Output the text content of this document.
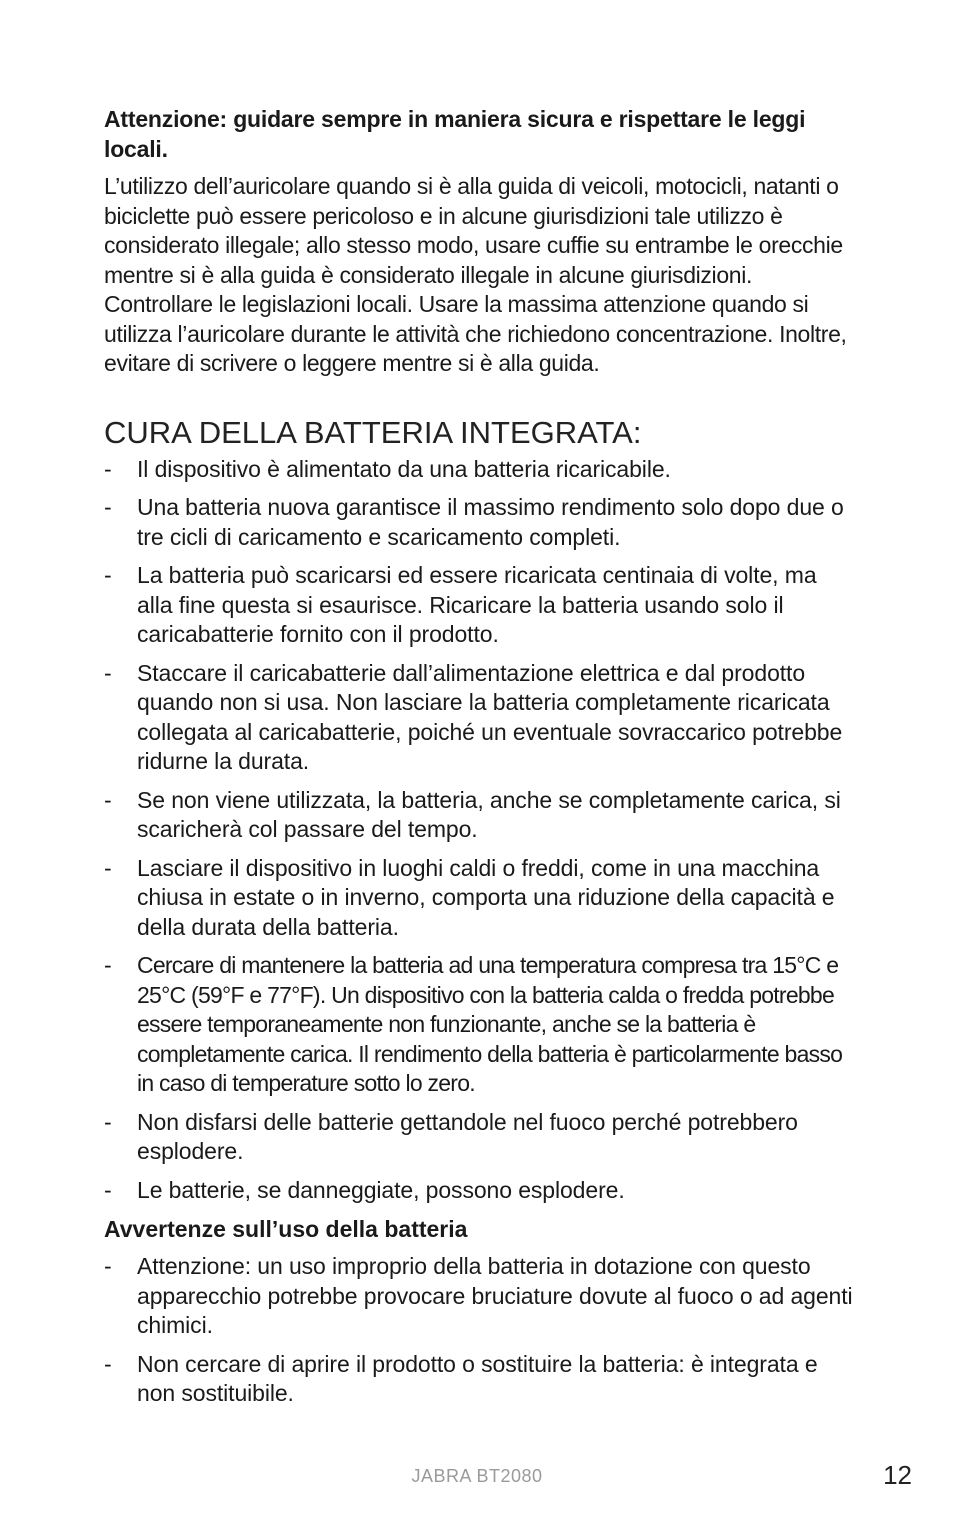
Attenzione: guidare sempre in maniera sicura e rispettare le leggi locali.

L’utilizzo dell’auricolare quando si è alla guida di veicoli, motocicli, natanti o biciclette può essere pericoloso e in alcune giurisdizioni tale utilizzo è considerato illegale; allo stesso modo, usare cuffie su entrambe le orecchie mentre si è alla guida è considerato illegale in alcune giurisdizioni. Controllare le legislazioni locali. Usare la massima attenzione quando si utilizza l’auricolare durante le attività che richiedono concentrazione. Inoltre, evitare di scrivere o leggere mentre si è alla guida.

CURA DELLA BATTERIA INTEGRATA:
- Il dispositivo è alimentato da una batteria ricaricabile.
- Una batteria nuova garantisce il massimo rendimento solo dopo due o tre cicli di caricamento e scaricamento completi.
- La batteria può scaricarsi ed essere ricaricata centinaia di volte, ma alla fine questa si esaurisce. Ricaricare la batteria usando solo il caricabatterie fornito con il prodotto.
- Staccare il caricabatterie dall’alimentazione elettrica e dal prodotto quando non si usa. Non lasciare la batteria completamente ricaricata collegata al caricabatterie, poiché un eventuale sovraccarico potrebbe ridurne la durata.
- Se non viene utilizzata, la batteria, anche se completamente carica, si scaricherà col passare del tempo.
- Lasciare il dispositivo in luoghi caldi o freddi, come in una macchina chiusa in estate o in inverno, comporta una riduzione della capacità e della durata della batteria.
- Cercare di mantenere la batteria ad una temperatura compresa tra 15°C e 25°C (59°F e 77°F). Un dispositivo con la batteria calda o fredda potrebbe essere temporaneamente non funzionante, anche se la batteria è completamente carica. Il rendimento della batteria è particolarmente basso in caso di temperature sotto lo zero.
- Non disfarsi delle batterie gettandole nel fuoco perché potrebbero esplodere.
- Le batterie, se danneggiate, possono esplodere.
Avvertenze sull’uso della batteria
- Attenzione: un uso improprio della batteria in dotazione con questo apparecchio potrebbe provocare bruciature dovute al fuoco o ad agenti chimici.
- Non cercare di aprire il prodotto o sostituire la batteria: è integrata e non sostituibile.
JABRA BT2080	12
